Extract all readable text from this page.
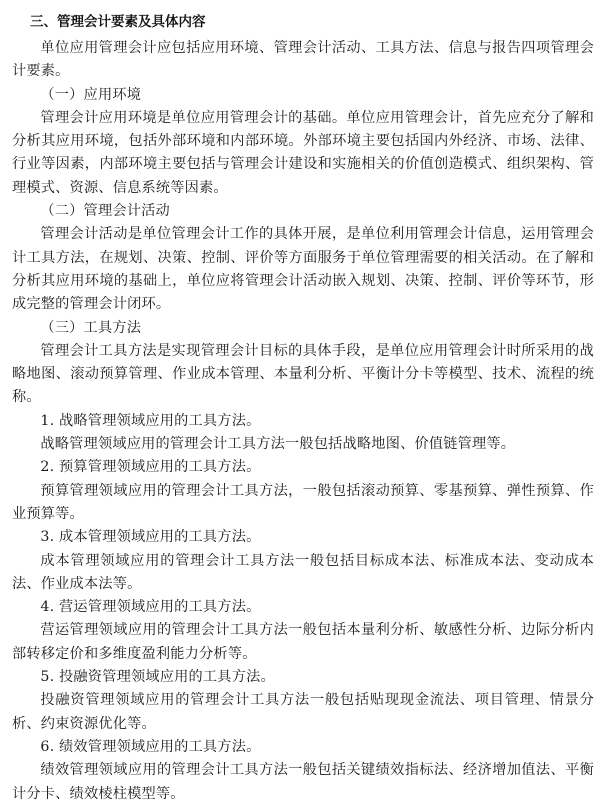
三、管理会计要素及具体内容

单位应用管理会计应包括应用环境、管理会计活动、工具方法、信息与报告四项管理会计要素。

（一）应用环境

管理会计应用环境是单位应用管理会计的基础。单位应用管理会计，首先应充分了解和分析其应用环境，包括外部环境和内部环境。外部环境主要包括国内外经济、市场、法律、行业等因素，内部环境主要包括与管理会计建设和实施相关的价值创造模式、组织架构、管理模式、资源、信息系统等因素。

（二）管理会计活动

管理会计活动是单位管理会计工作的具体开展，是单位利用管理会计信息，运用管理会计工具方法，在规划、决策、控制、评价等方面服务于单位管理需要的相关活动。在了解和分析其应用环境的基础上，单位应将管理会计活动嵌入规划、决策、控制、评价等环节，形成完整的管理会计闭环。

（三）工具方法

管理会计工具方法是实现管理会计目标的具体手段，是单位应用管理会计时所采用的战略地图、滚动预算管理、作业成本管理、本量利分析、平衡计分卡等模型、技术、流程的统称。

1. 战略管理领域应用的工具方法。

战略管理领域应用的管理会计工具方法一般包括战略地图、价值链管理等。

2. 预算管理领域应用的工具方法。

预算管理领域应用的管理会计工具方法，一般包括滚动预算、零基预算、弹性预算、作业预算等。

3. 成本管理领域应用的工具方法。

成本管理领域应用的管理会计工具方法一般包括目标成本法、标准成本法、变动成本法、作业成本法等。

4. 营运管理领域应用的工具方法。

营运管理领域应用的管理会计工具方法一般包括本量利分析、敏感性分析、边际分析内部转移定价和多维度盈利能力分析等。

5. 投融资管理领域应用的工具方法。

投融资管理领域应用的管理会计工具方法一般包括贴现现金流法、项目管理、情景分析、约束资源优化等。

6. 绩效管理领域应用的工具方法。

绩效管理领域应用的管理会计工具方法一般包括关键绩效指标法、经济增加值法、平衡计分卡、绩效棱柱模型等。
